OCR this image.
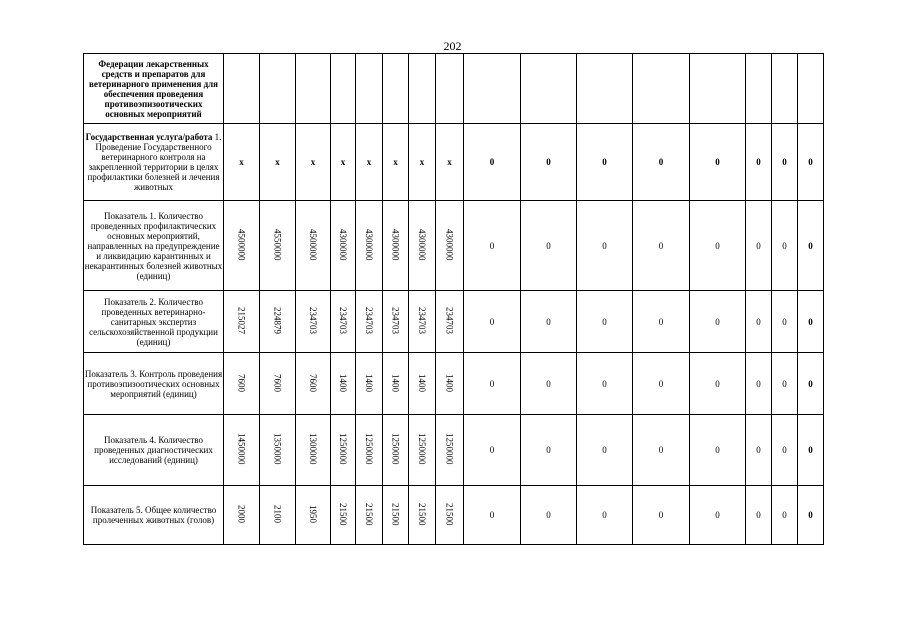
202
Федерации лекарственных средств и препаратов для ветеринарного применения для обеспечения проведения противоэпизоотических основных мероприятий																
Государственная услуга/работа 1. Проведение Государственного ветеринарного контроля на закрепленной территории в целях профилактики болезней и лечения животных	x	x	x	x	x	x	x	x	0	0	0	0	0	0	0	0
Показатель 1. Количество проведенных профилактических основных мероприятий, направленных на предупреждение и ликвидацию карантинных и некарантинных болезней животных (единиц)	4500000	4550000	4500000	4300000	4300000	4300000	4300000	4300000	0	0	0	0	0	0	0	0
Показатель 2. Количество проведенных ветеринарно-санитарных экспертиз сельскохозяйственной продукции (единиц)	215027	224879	234703	234703	234703	234703	234703	234703	0	0	0	0	0	0	0	0
Показатель 3. Контроль проведения противоэпизоотических основных мероприятий (единиц)	7600	7600	7600	1400	1400	1400	1400	1400	0	0	0	0	0	0	0	0
Показатель 4. Количество проведенных диагностических исследований (единиц)	1450000	1350000	1300000	1250000	1250000	1250000	1250000	1250000	0	0	0	0	0	0	0	0
Показатель 5. Общее количество пролеченных животных (голов)	2000	2100	1950	21500	21500	21500	21500	21500	0	0	0	0	0	0	0	0
